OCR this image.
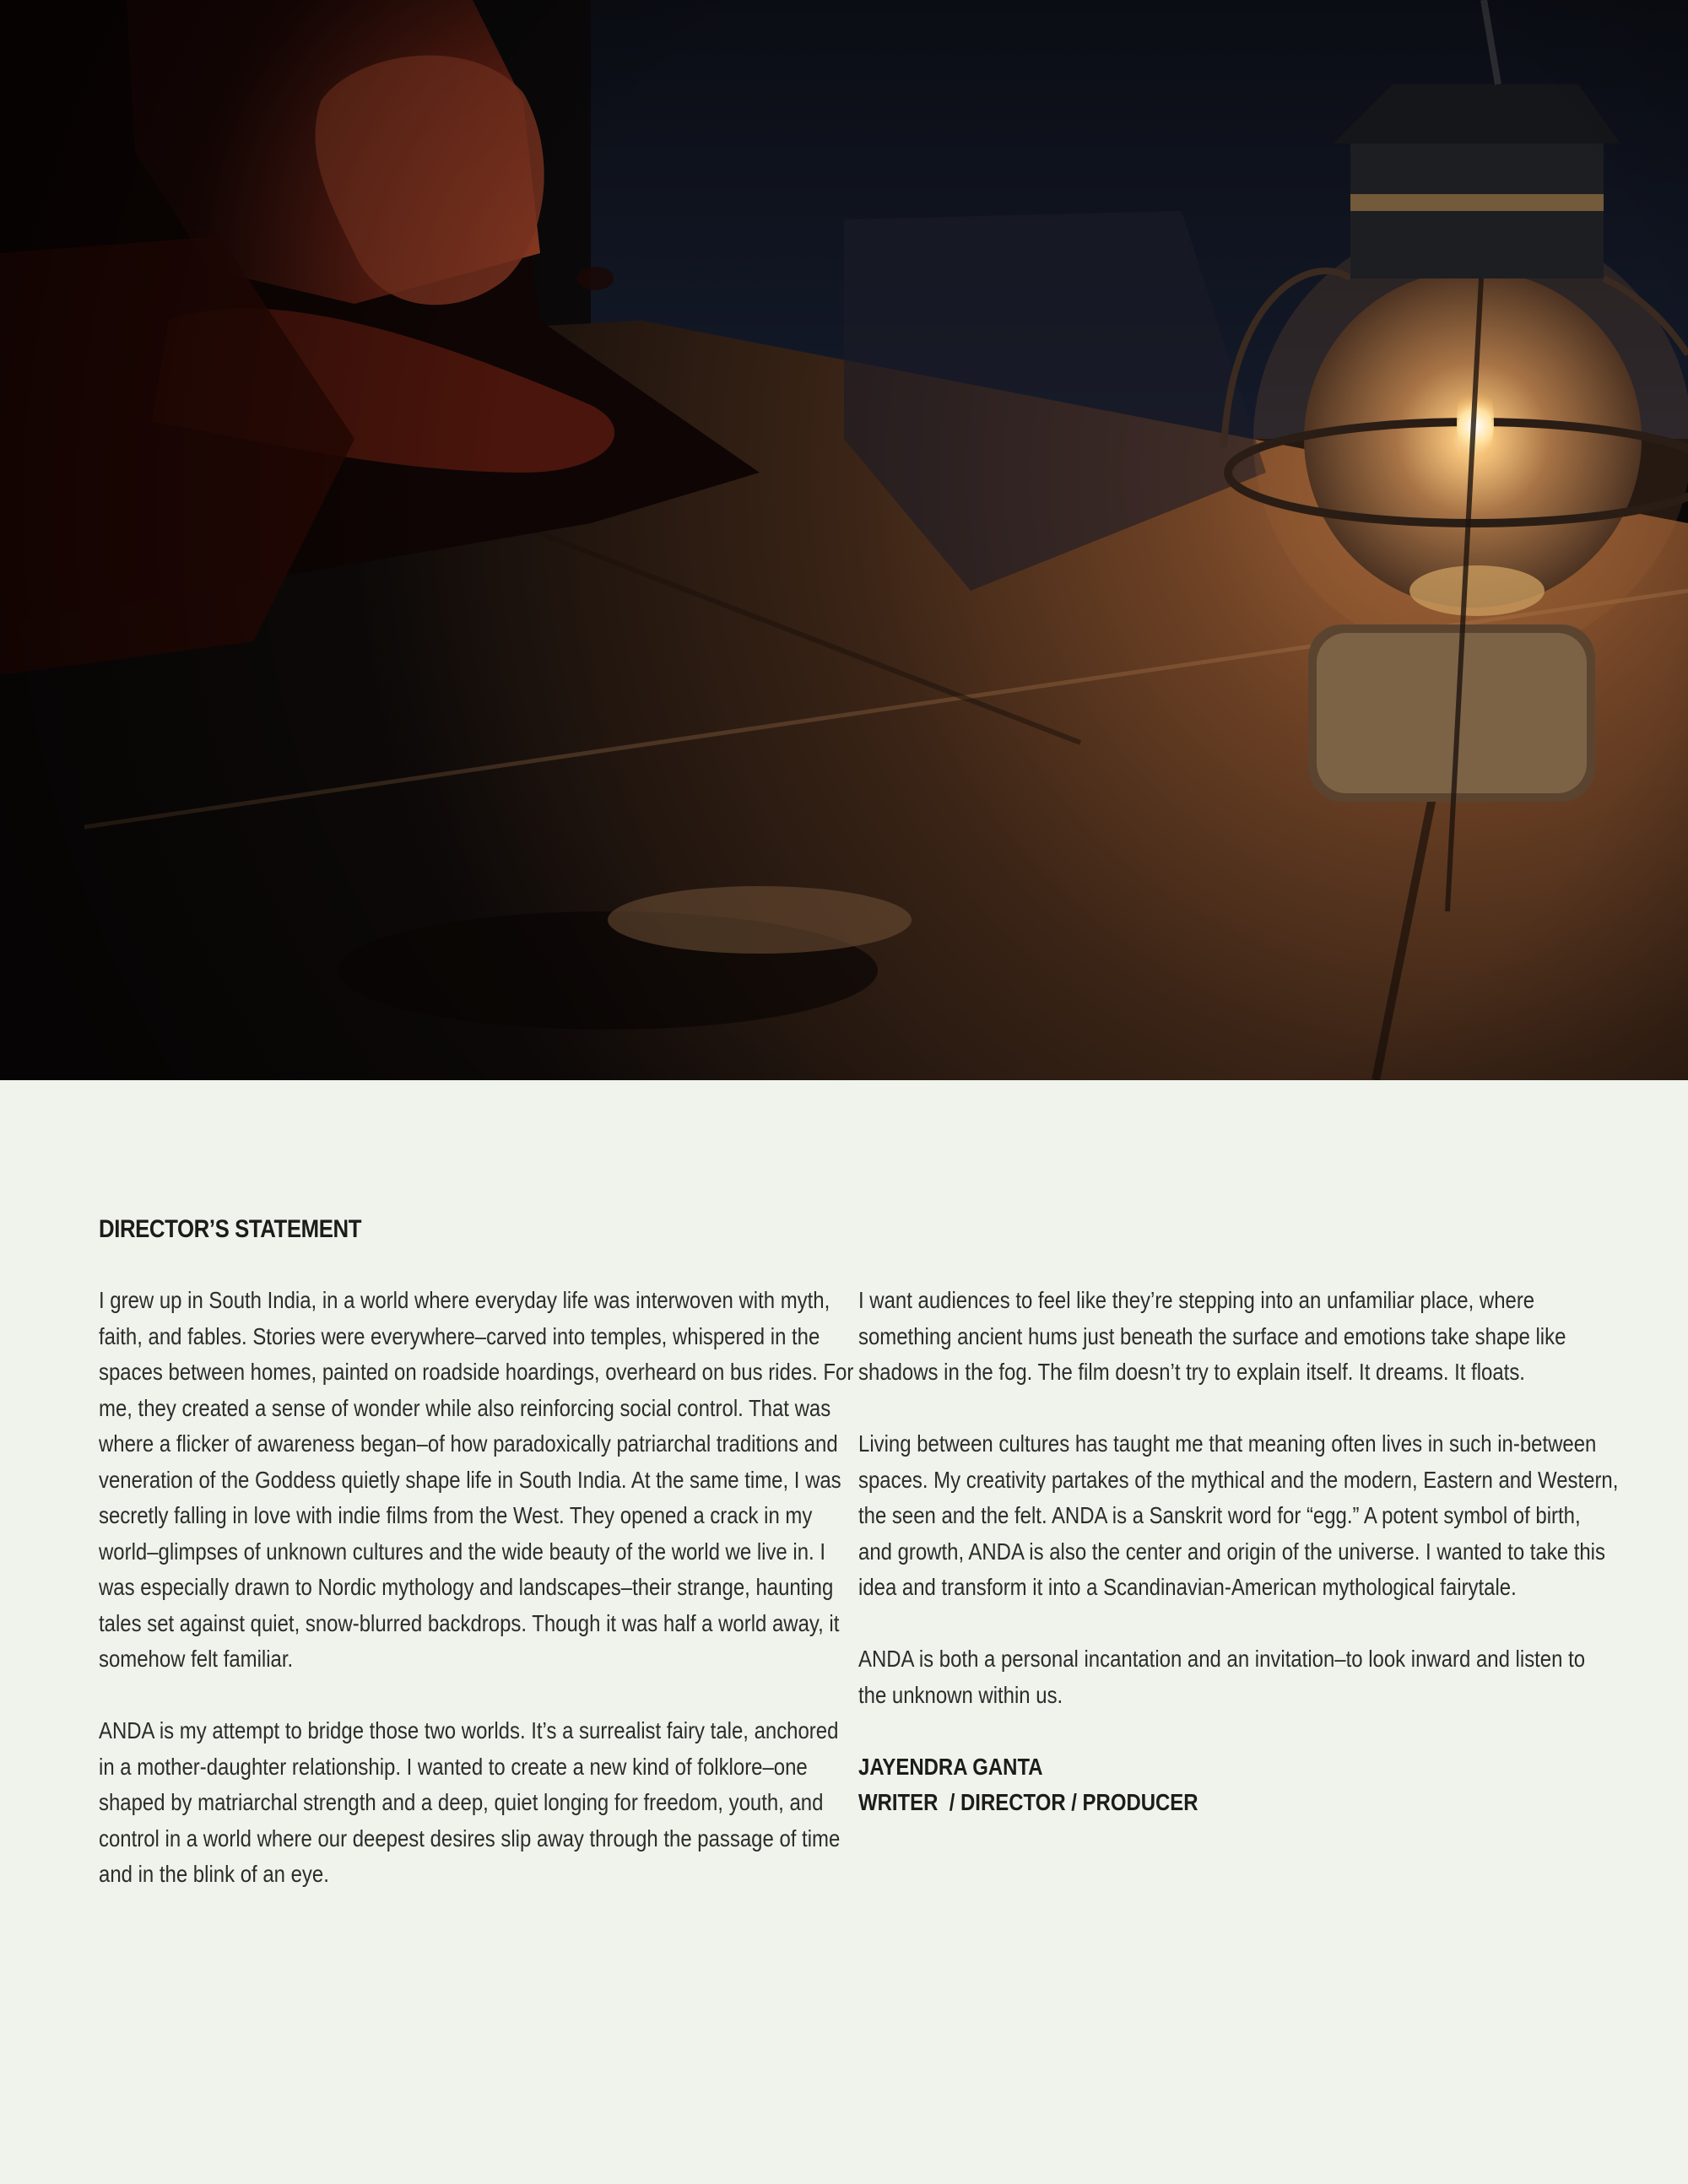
DIRECTOR’S STATEMENT

I grew up in South India, in a world where everyday life was interwoven with myth,
faith, and fables. Stories were everywhere–carved into temples, whispered in the
spaces between homes, painted on roadside hoardings, overheard on bus rides. For
me, they created a sense of wonder while also reinforcing social control. That was
where a flicker of awareness began–of how paradoxically patriarchal traditions and
veneration of the Goddess quietly shape life in South India. At the same time, I was
secretly falling in love with indie films from the West. They opened a crack in my
world–glimpses of unknown cultures and the wide beauty of the world we live in. I
was especially drawn to Nordic mythology and landscapes–their strange, haunting
tales set against quiet, snow-blurred backdrops. Though it was half a world away, it
somehow felt familiar.

ANDA is my attempt to bridge those two worlds. It’s a surrealist fairy tale, anchored
in a mother-daughter relationship. I wanted to create a new kind of folklore–one
shaped by matriarchal strength and a deep, quiet longing for freedom, youth, and
control in a world where our deepest desires slip away through the passage of time
and in the blink of an eye.

I want audiences to feel like they’re stepping into an unfamiliar place, where
something ancient hums just beneath the surface and emotions take shape like
shadows in the fog. The film doesn’t try to explain itself. It dreams. It floats.

Living between cultures has taught me that meaning often lives in such in-between
spaces. My creativity partakes of the mythical and the modern, Eastern and Western,
the seen and the felt. ANDA is a Sanskrit word for “egg.” A potent symbol of birth,
and growth, ANDA is also the center and origin of the universe. I wanted to take this
idea and transform it into a Scandinavian-American mythological fairytale.

ANDA is both a personal incantation and an invitation–to look inward and listen to
the unknown within us.

JAYENDRA GANTA
WRITER  / DIRECTOR / PRODUCER
